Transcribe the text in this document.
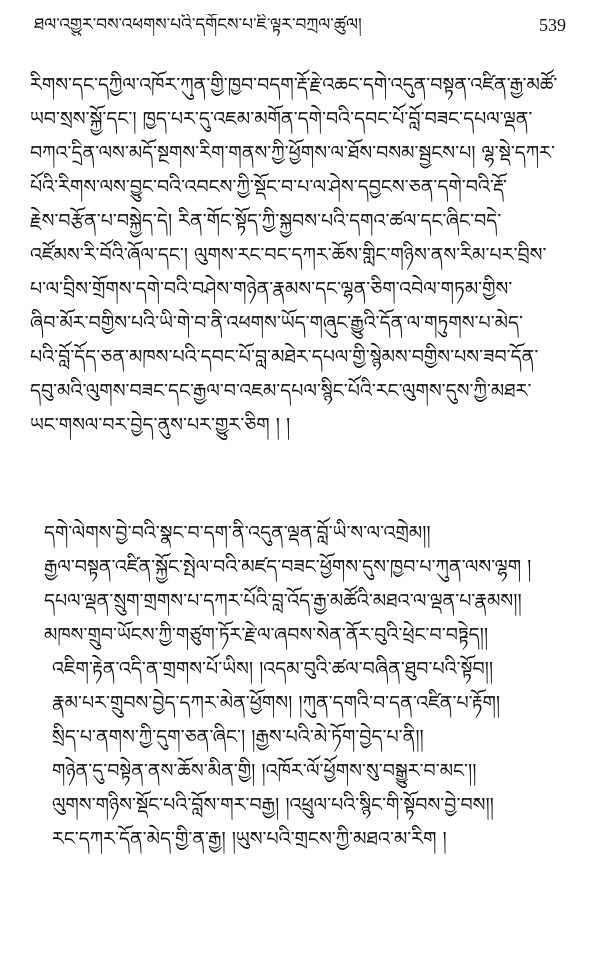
ཐལ་འགྱུར་བས་འཕགས་པའི་དགོངས་པ་ཇི་ལྟར་བཀྲལ་ཚུལ།	539
རིགས་དང་དཀྱིལ་འཁོར་ཀུན་གྱི་ཁྱབ་བདག་རྡོ་རྗེ་འཆང་དགེ་འདུན་བསྟན་འཛིན་རྒྱ་མཚོ་
ཡབ་སྲས་སྐྱོ་དང་། ཁྱད་པར་དུ་འཇམ་མགོན་དགེ་བའི་དབང་པོ་བློ་བཟང་དཔལ་ལྡན་
བཀའ་དྲིན་ལས་མདོ་སྔགས་རིག་གནས་ཀྱི་ཕྱོགས་ལ་ཐོས་བསམ་སྦྱངས་པ། ལྷ་སྡེ་དཀར་
པོའི་རིགས་ལས་བྱུང་བའི་འབངས་ཀྱི་སྡོང་བ་པ་ལ་ཤེས་དབྱངས་ཅན་དགེ་བའི་རྡོ་
རྗེས་བརྩོན་པ་བསྐྱེད་དེ། རིན་གོང་སྟོད་ཀྱི་སྐྱབས་པའི་དགའ་ཚལ་དང་ཞིང་བདེ་
འཛོམས་རི་བོའི་ཞོལ་དང་། ལུགས་རང་བང་དཀར་ཆོས་གླིང་གཉིས་ནས་རིམ་པར་བྲིས་
པ་ལ་བྲིས་གྲོགས་དགེ་བའི་བཤེས་གཉེན་རྣམས་དང་ལྷན་ཅིག་འབེལ་གཏམ་གྱིས་
ཞིབ་མོར་བགྱིས་པའི་ཡི་གེ་བ་ནི་འཕགས་ཡོད་གཞུང་རྒྱུའི་དོན་ལ་གཏུགས་པ་མེད་
པའི་བློ་དོད་ཅན་མཁས་པའི་དབང་པོ་བླ་མཐེར་དཔལ་གྱི་སྙེམས་བགྱིས་པས་ཟབ་དོན་
དབུ་མའི་ལུགས་བཟང་དང་རྒྱལ་བ་འཇམ་དཔལ་སྙིང་པོའི་རང་ལུགས་དུས་ཀྱི་མཐར་
ཡང་གསལ་བར་བྱེད་ནུས་པར་གྱུར་ཅིག ། །
དགེ་ལེགས་བྱེ་བའི་སྣང་བ་དག་ནི་འདུན་ལྡན་བློ་ཡི་ས་ལ་འགྲེམ།།
རྒྱལ་བསྟན་འཛིན་སྐྱོང་སྤེལ་བའི་མཛད་བཟང་ཕྱོགས་དུས་ཁྱབ་པ་ཀུན་ལས་ལྷག །
དཔལ་ལྡན་སྲུག་གྲགས་པ་དཀར་པོའི་བླ་འོད་རྒྱ་མཚོའི་མཐའ་ལ་ལྡན་པ་རྣམས།།
མཁས་གྲུབ་ཡོངས་ཀྱི་གཙུག་ཏོར་རྗེ་ལ་ཞབས་སེན་ནོར་བུའི་ཕྲེང་བ་བཏྟེད།།
འཇིག་རྟེན་འདི་ན་གྲགས་པོ་ཡིས། །འདམ་བུའི་ཚལ་བཞིན་ཐུབ་པའི་སྟོབ།།
རྣམ་པར་གྲུབས་བྱེད་དཀར་མེན་ཕྱོགས། །ཀུན་དགའི་བ་དན་འཛིན་པ་རྟོག།
སྲིད་པ་ནགས་ཀྱི་དུག་ཅན་ཞིང་། །རྒྱས་པའི་མེ་ཏོག་བྱེད་པ་ནི།།
གཉེན་དུ་བསྟེན་ནས་ཆོས་མིན་གྱི། །འཁོར་ལོ་ཕྱོགས་སུ་བསྒྱུར་བ་མང་།།
ལུགས་གཉིས་སྡོང་པའི་བློས་གར་བརྒྱ། །འཕྲུལ་པའི་སྙིང་གི་སྟོབས་བྱེ་བས།།
རང་དཀར་དོན་མེད་གྱི་ན་རྒྱ། །ཡུས་པའི་གྲངས་ཀྱི་མཐའ་མ་རིག །
